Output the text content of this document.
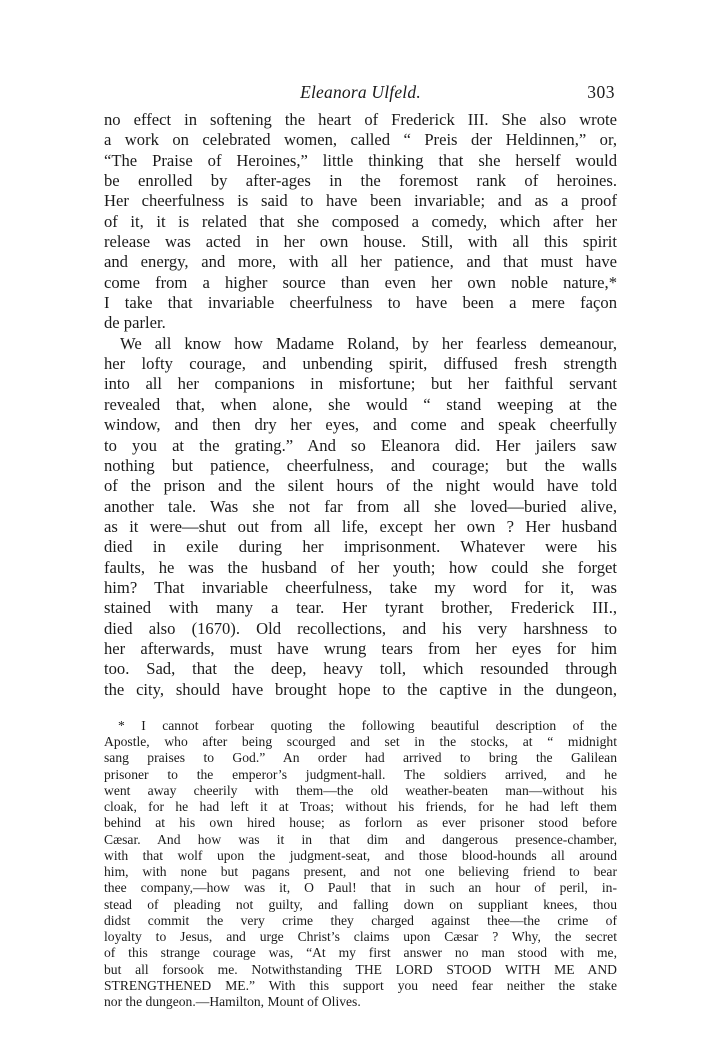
Eleanora Ulfeld.	303
no effect in softening the heart of Frederick III. She also wrote
a work on celebrated women, called “ Preis der Heldinnen,” or,
“The Praise of Heroines,” little thinking that she herself would
be enrolled by after-ages in the foremost rank of heroines.
Her cheerfulness is said to have been invariable; and as a proof
of it, it is related that she composed a comedy, which after her
release was acted in her own house. Still, with all this spirit
and energy, and more, with all her patience, and that must have
come from a higher source than even her own noble nature,*
I take that invariable cheerfulness to have been a mere façon
de parler.
We all know how Madame Roland, by her fearless demeanour,
her lofty courage, and unbending spirit, diffused fresh strength
into all her companions in misfortune; but her faithful servant
revealed that, when alone, she would “ stand weeping at the
window, and then dry her eyes, and come and speak cheerfully
to you at the grating.” And so Eleanora did. Her jailers saw
nothing but patience, cheerfulness, and courage; but the walls
of the prison and the silent hours of the night would have told
another tale. Was she not far from all she loved—buried alive,
as it were—shut out from all life, except her own ? Her husband
died in exile during her imprisonment. Whatever were his
faults, he was the husband of her youth; how could she forget
him? That invariable cheerfulness, take my word for it, was
stained with many a tear. Her tyrant brother, Frederick III.,
died also (1670). Old recollections, and his very harshness to
her afterwards, must have wrung tears from her eyes for him
too. Sad, that the deep, heavy toll, which resounded through
the city, should have brought hope to the captive in the dungeon,
* I cannot forbear quoting the following beautiful description of the
Apostle, who after being scourged and set in the stocks, at “ midnight
sang praises to God.” An order had arrived to bring the Galilean
prisoner to the emperor’s judgment-hall. The soldiers arrived, and he
went away cheerily with them—the old weather-beaten man—without his
cloak, for he had left it at Troas; without his friends, for he had left them
behind at his own hired house; as forlorn as ever prisoner stood before
Cæsar. And how was it in that dim and dangerous presence-chamber,
with that wolf upon the judgment-seat, and those blood-hounds all around
him, with none but pagans present, and not one believing friend to bear
thee company,—how was it, O Paul! that in such an hour of peril, in-
stead of pleading not guilty, and falling down on suppliant knees, thou
didst commit the very crime they charged against thee—the crime of
loyalty to Jesus, and urge Christ’s claims upon Cæsar ? Why, the secret
of this strange courage was, “At my first answer no man stood with me,
but all forsook me. Notwithstanding THE LORD STOOD WITH ME AND
STRENGTHENED ME.” With this support you need fear neither the stake
nor the dungeon.—Hamilton, Mount of Olives.
